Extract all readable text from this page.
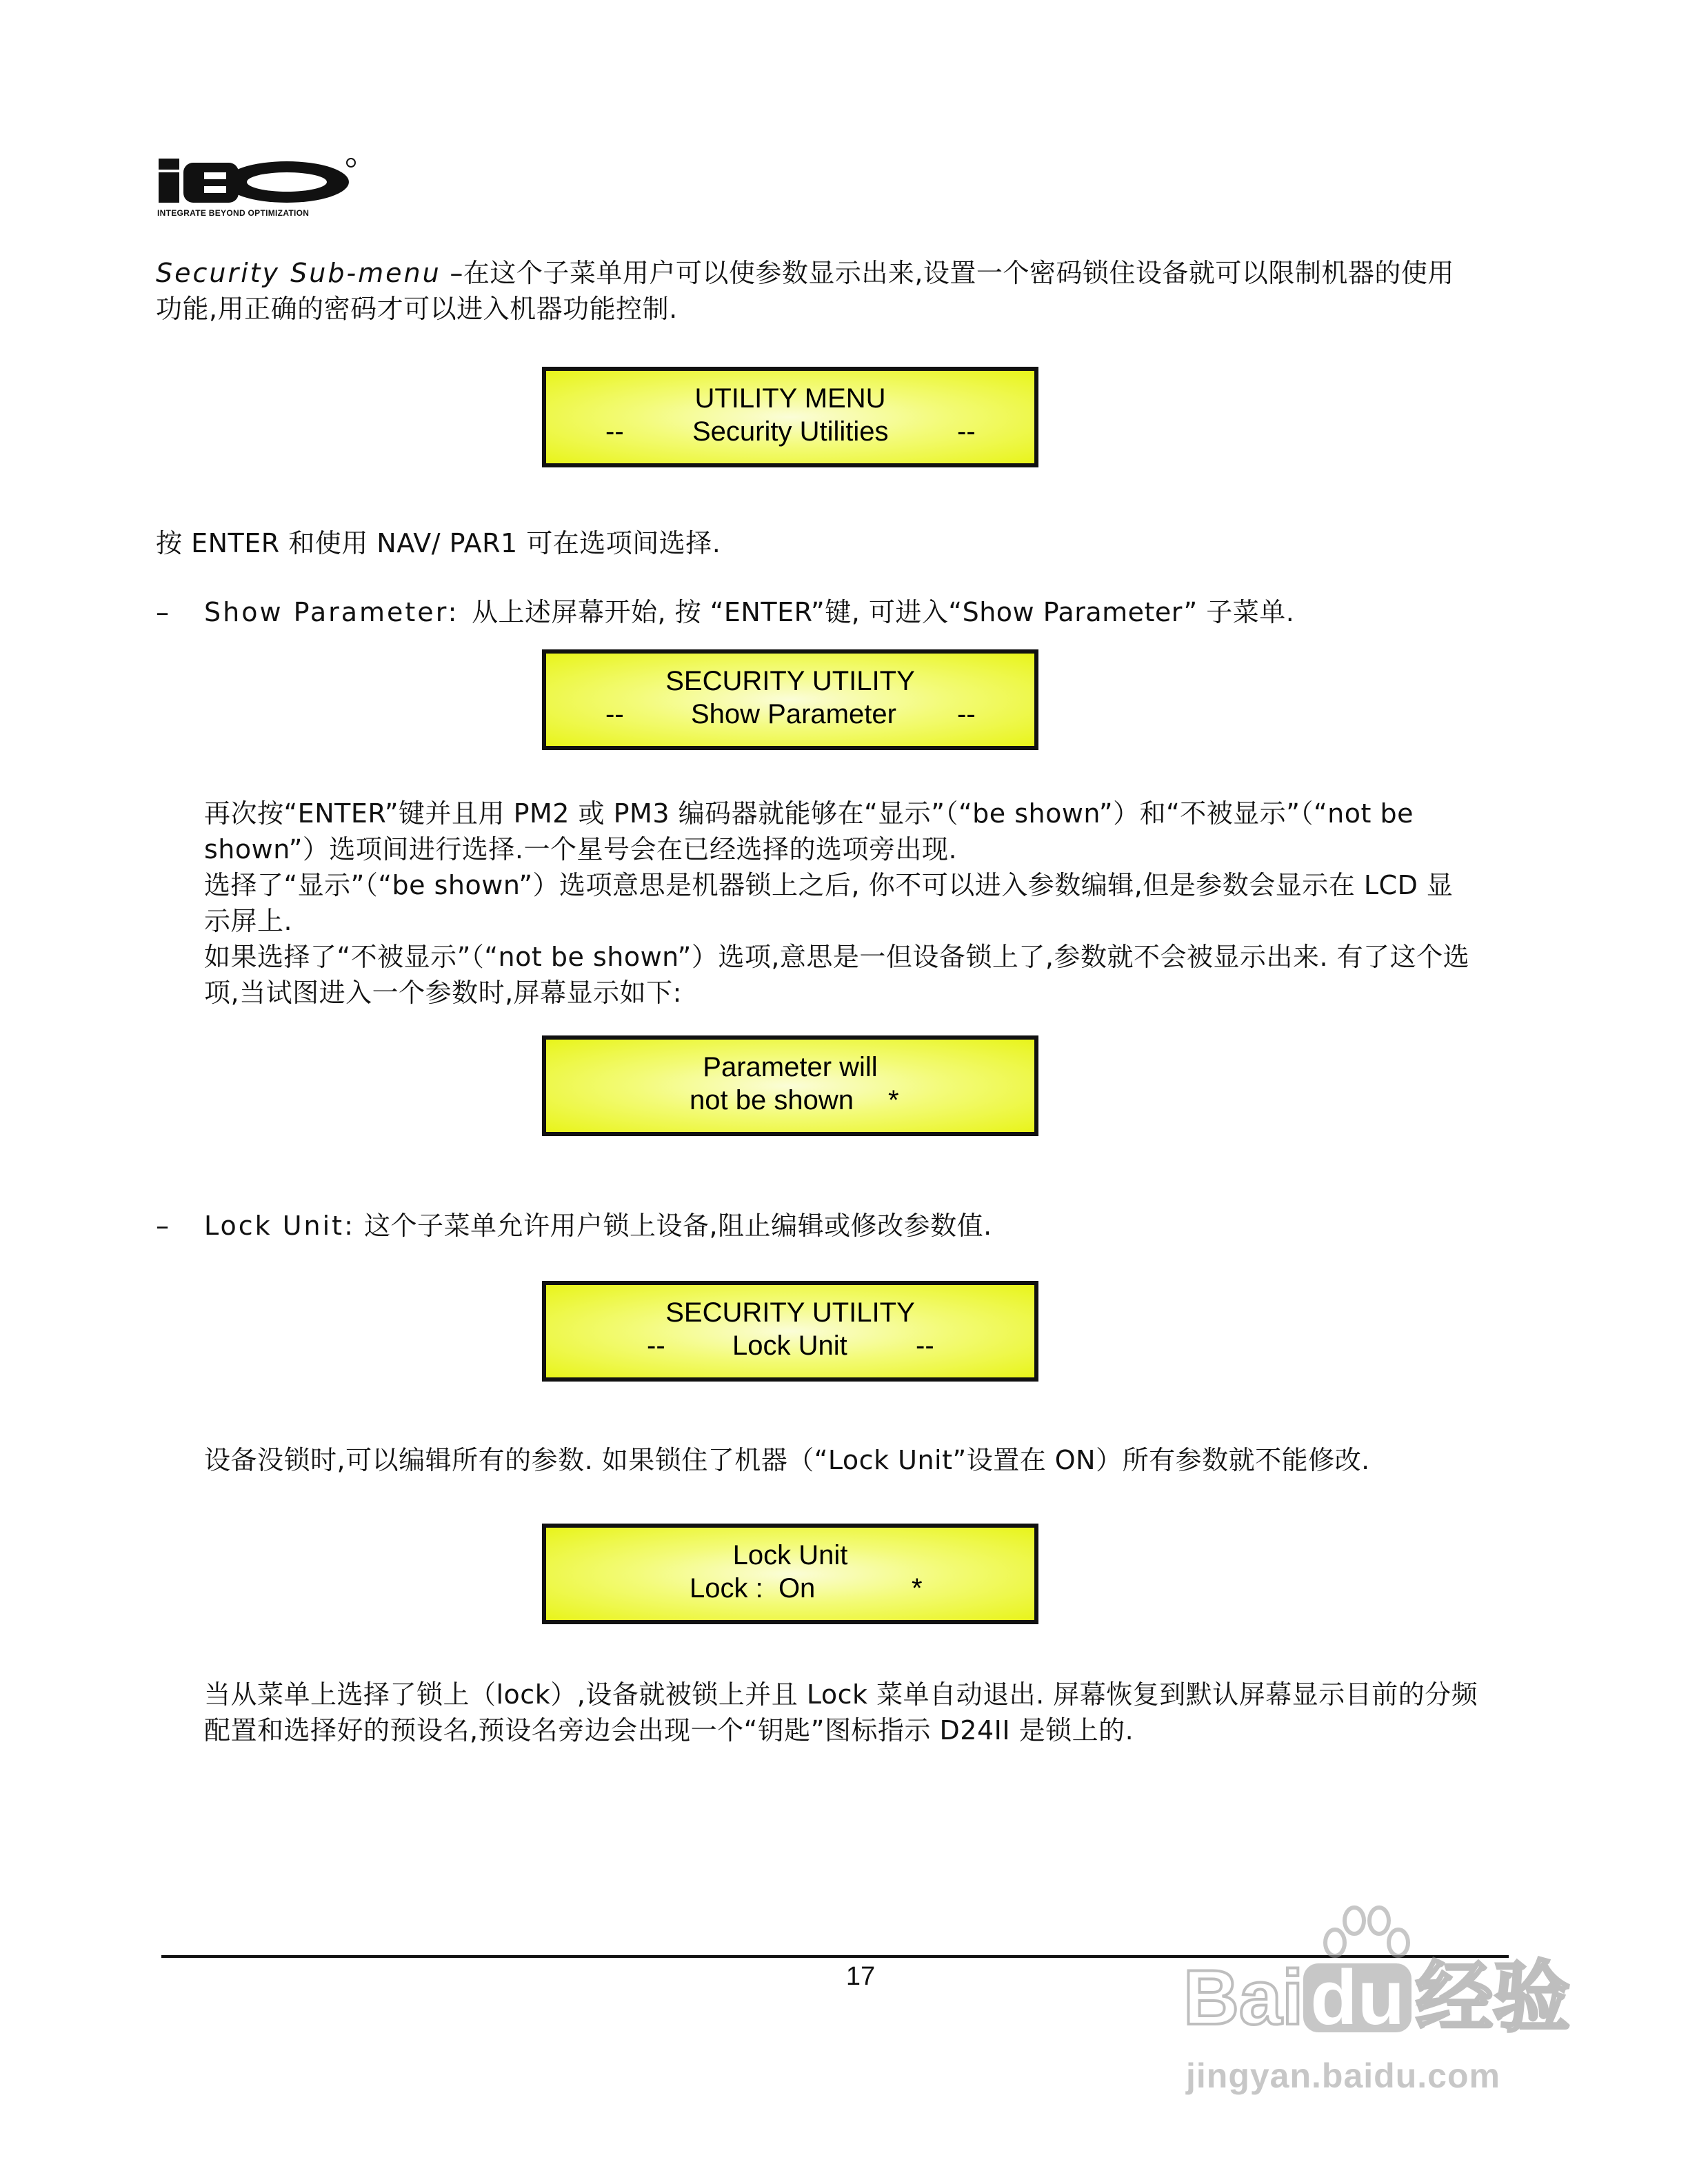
INTEGRATE BEYOND OPTIMIZATION
Security Sub-menu –在这个子菜单用户可以使参数显示出来,设置一个密码锁住设备就可以限制机器的使用
功能,用正确的密码才可以进入机器功能控制.
UTILITY MENU
-- Security Utilities --
按 ENTER 和使用 NAV/ PAR1 可在选项间选择.
– Show Parameter: 从上述屏幕开始, 按 “ENTER”键, 可进入“Show Parameter” 子菜单.
SECURITY UTILITY
-- Show Parameter --
再次按“ENTER”键并且用 PM2 或 PM3 编码器就能够在“显示”（“be shown”）和“不被显示”（“not be
shown”）选项间进行选择.一个星号会在已经选择的选项旁出现.
选择了“显示”（“be shown”）选项意思是机器锁上之后, 你不可以进入参数编辑,但是参数会显示在 LCD 显
示屏上.
如果选择了“不被显示”（“not be shown”）选项,意思是一但设备锁上了,参数就不会被显示出来. 有了这个选
项,当试图进入一个参数时,屏幕显示如下:
Parameter will
not be shown *
– Lock Unit: 这个子菜单允许用户锁上设备,阻止编辑或修改参数值.
SECURITY UTILITY
-- Lock Unit --
设备没锁时,可以编辑所有的参数. 如果锁住了机器（“Lock Unit”设置在 ON）所有参数就不能修改.
Lock Unit
Lock :  On	*
当从菜单上选择了锁上（lock）,设备就被锁上并且 Lock 菜单自动退出. 屏幕恢复到默认屏幕显示目前的分频
配置和选择好的预设名,预设名旁边会出现一个“钥匙”图标指示 D24II 是锁上的.
17	Baidu 经验
jingyan.baidu.com
